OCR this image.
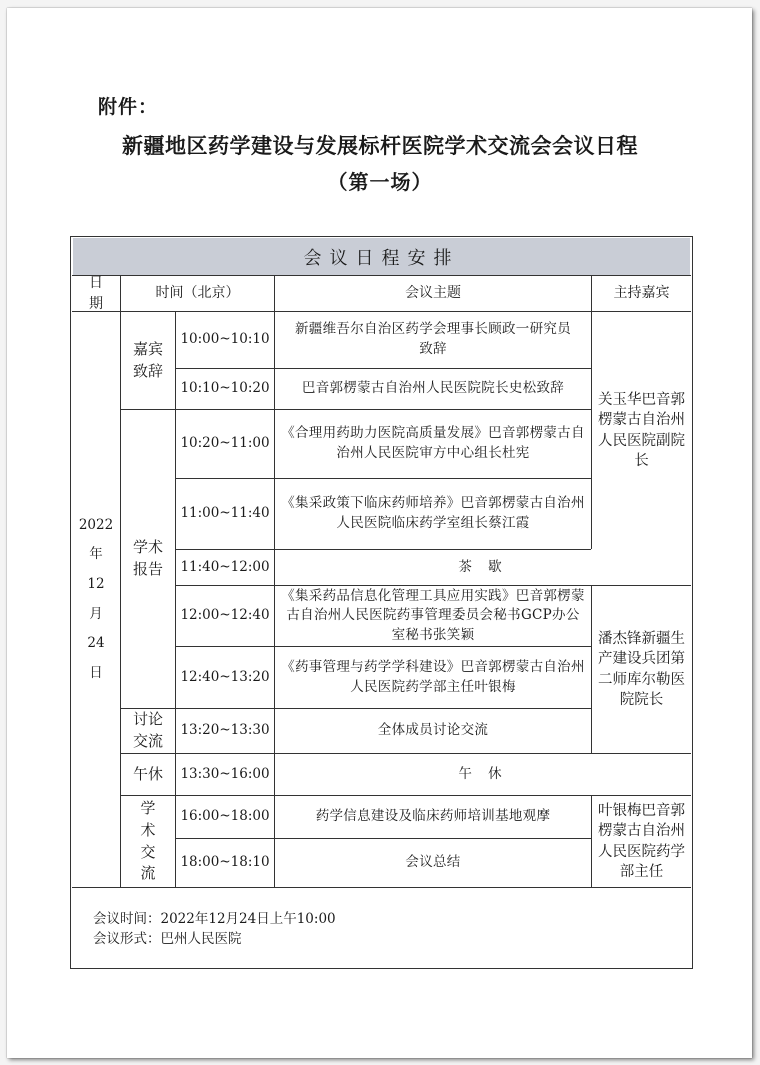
附件：
新疆地区药学建设与发展标杆医院学术交流会会议日程
（第一场）
会议日程安排
日期
时间（北京）	会议主题	主持嘉宾
2022
年
12
月
24
日
嘉宾致辞
学术报告
讨论交流
午休
学术交流
10:00~10:10
10:10~10:20
10:20~11:00
11:00~11:40
11:40~12:00
12:00~12:40
12:40~13:20
13:20~13:30
13:30~16:00
16:00~18:00
18:00~18:10
新疆维吾尔自治区药学会理事长顾政一研究员致辞
巴音郭楞蒙古自治州人民医院院长史松致辞
《合理用药助力医院高质量发展》巴音郭楞蒙古自治州人民医院审方中心组长杜宪
《集采政策下临床药师培养》巴音郭楞蒙古自治州人民医院临床药学室组长蔡江霞
茶 歇
《集采药品信息化管理工具应用实践》巴音郭楞蒙古自治州人民医院药事管理委员会秘书GCP办公室秘书张笑颖
《药事管理与药学学科建设》巴音郭楞蒙古自治州人民医院药学部主任叶银梅
全体成员讨论交流
午 休
药学信息建设及临床药师培训基地观摩
会议总结
关玉华巴音郭楞蒙古自治州人民医院副院长
潘杰锋新疆生产建设兵团第二师库尔勒医院院长
叶银梅巴音郭楞蒙古自治州人民医院药学部主任
会议时间：2022年12月24日上午10:00
会议形式：巴州人民医院
